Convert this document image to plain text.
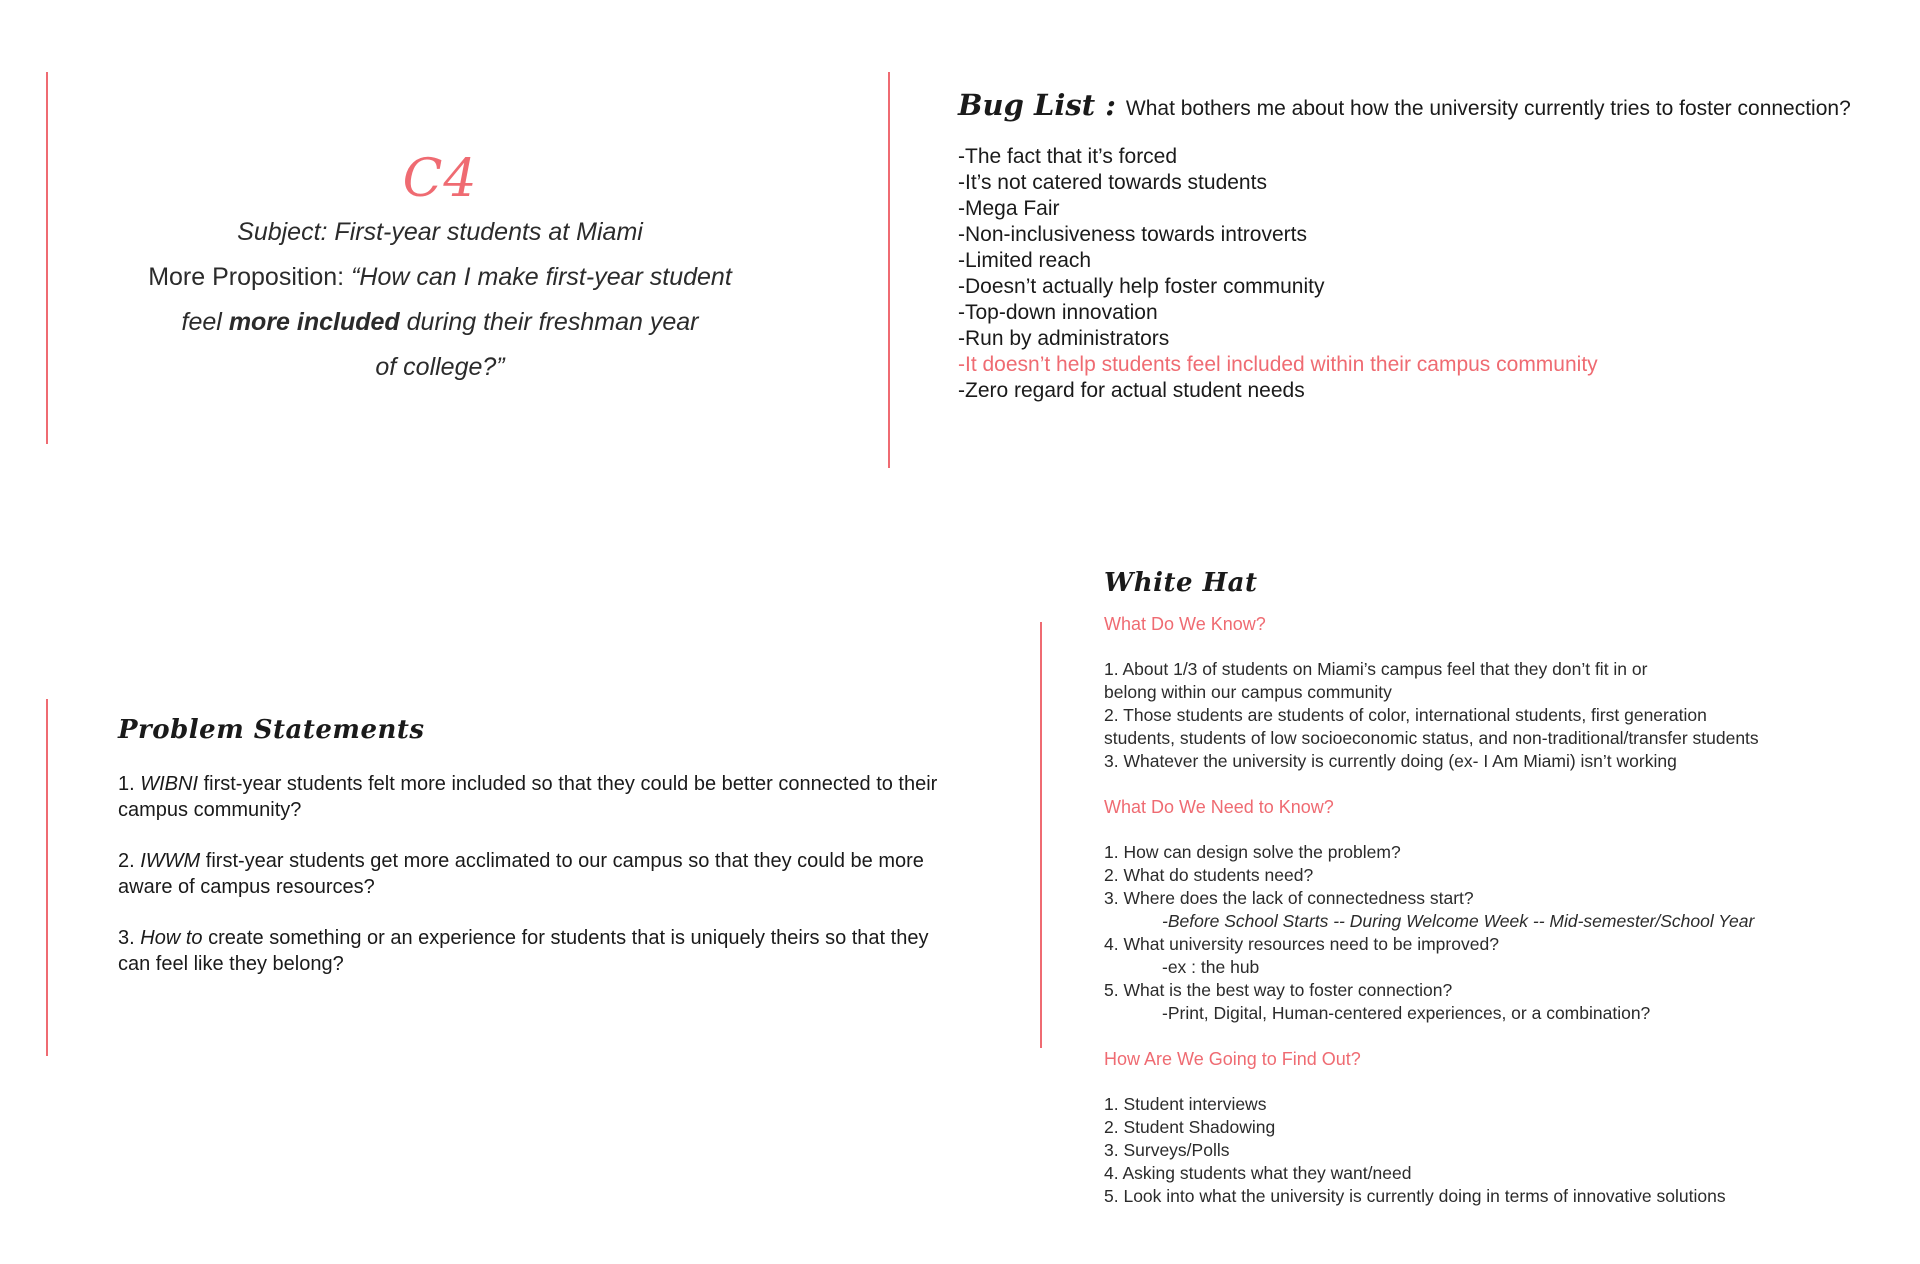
C4
Subject: First-year students at Miami
More Proposition: “How can I make first-year student
feel more included during their freshman year
of college?”
Bug List : What bothers me about how the university currently tries to foster connection?
-The fact that it’s forced
-It’s not catered towards students
-Mega Fair
-Non-inclusiveness towards introverts
-Limited reach
-Doesn’t actually help foster community
-Top-down innovation
-Run by administrators
-It doesn’t help students feel included within their campus community
-Zero regard for actual student needs
Problem Statements
1. WIBNI first-year students felt more included so that they could be better connected to their campus community?
2. IWWM first-year students get more acclimated to our campus so that they could be more aware of campus resources?
3. How to create something or an experience for students that is uniquely theirs so that they can feel like they belong?
White Hat

What Do We Know?

1. About 1/3 of students on Miami’s campus feel that they don’t fit in or
belong within our campus community
2. Those students are students of color, international students, first generation
students, students of low socioeconomic status, and non-traditional/transfer students
3. Whatever the university is currently doing (ex- I Am Miami) isn’t working

What Do We Need to Know?

1. How can design solve the problem?
2. What do students need?
3. Where does the lack of connectedness start?
-Before School Starts -- During Welcome Week -- Mid-semester/School Year
4. What university resources need to be improved?
-ex : the hub
5. What is the best way to foster connection?
-Print, Digital, Human-centered experiences, or a combination?

How Are We Going to Find Out?

1. Student interviews
2. Student Shadowing
3. Surveys/Polls
4. Asking students what they want/need
5. Look into what the university is currently doing in terms of innovative solutions
